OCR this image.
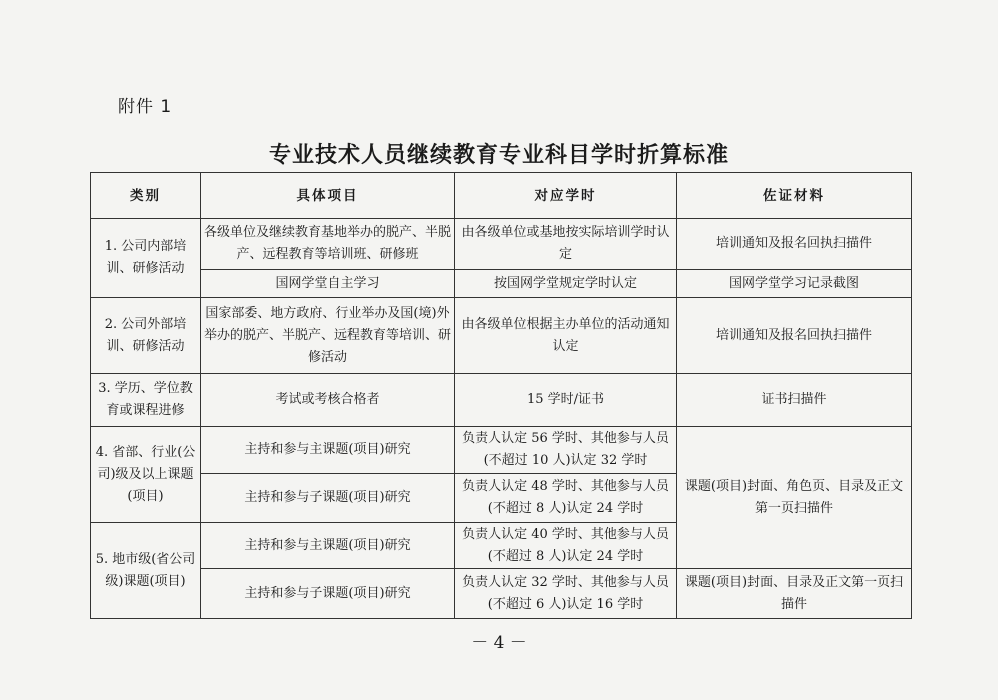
附件 1
专业技术人员继续教育专业科目学时折算标准
类别	具体项目	对应学时	佐证材料
1. 公司内部培训、研修活动	各级单位及继续教育基地举办的脱产、半脱产、远程教育等培训班、研修班	由各级单位或基地按实际培训学时认定	培训通知及报名回执扫描件
	国网学堂自主学习	按国网学堂规定学时认定	国网学堂学习记录截图
2. 公司外部培训、研修活动	国家部委、地方政府、行业举办及国(境)外举办的脱产、半脱产、远程教育等培训、研修活动	由各级单位根据主办单位的活动通知认定	培训通知及报名回执扫描件
3. 学历、学位教育或课程进修	考试或考核合格者	15 学时/证书	证书扫描件
4. 省部、行业(公司)级及以上课题(项目)	主持和参与主课题(项目)研究	负责人认定 56 学时、其他参与人员(不超过 10 人)认定 32 学时	课题(项目)封面、角色页、目录及正文第一页扫描件
	主持和参与子课题(项目)研究	负责人认定 48 学时、其他参与人员(不超过 8 人)认定 24 学时	
5. 地市级(省公司级)课题(项目)	主持和参与主课题(项目)研究	负责人认定 40 学时、其他参与人员(不超过 8 人)认定 24 学时	
	主持和参与子课题(项目)研究	负责人认定 32 学时、其他参与人员(不超过 6 人)认定 16 学时	课题(项目)封面、目录及正文第一页扫描件
－ 4 －
